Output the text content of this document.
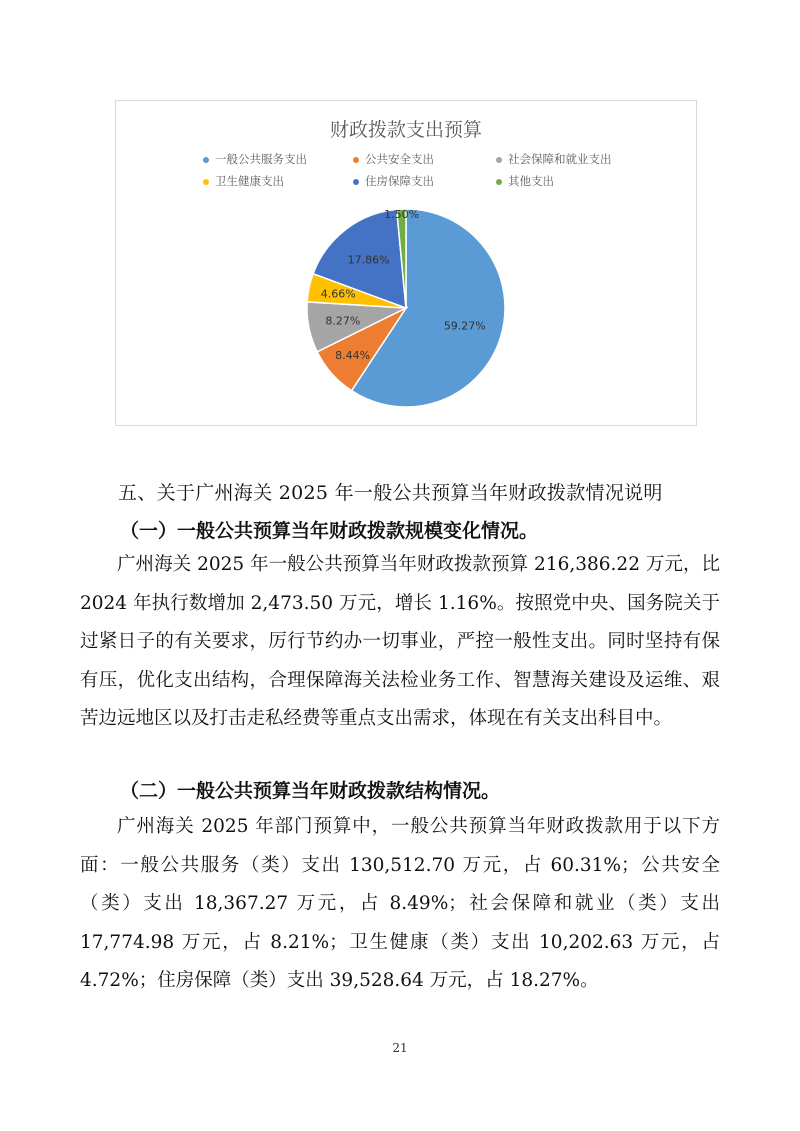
财政拨款支出预算
一般公共服务支出	公共安全支出	社会保障和就业支出
卫生健康支出	住房保障支出	其他支出
59.27%
8.44%
8.27%
4.66%
17.86%
1.50%
五、关于广州海关 2025 年一般公共预算当年财政拨款情况说明
（一）一般公共预算当年财政拨款规模变化情况。
广州海关 2025 年一般公共预算当年财政拨款预算 216,386.22 万元，比 2024 年执行数增加 2,473.50 万元，增长 1.16%。按照党中央、国务院关于过紧日子的有关要求，厉行节约办一切事业，严控一般性支出。同时坚持有保有压，优化支出结构，合理保障海关法检业务工作、智慧海关建设及运维、艰苦边远地区以及打击走私经费等重点支出需求，体现在有关支出科目中。
（二）一般公共预算当年财政拨款结构情况。
广州海关 2025 年部门预算中，一般公共预算当年财政拨款用于以下方面：一般公共服务（类）支出 130,512.70 万元，占 60.31%；公共安全（类）支出 18,367.27 万元，占 8.49%；社会保障和就业（类）支出 17,774.98 万元，占 8.21%；卫生健康（类）支出 10,202.63 万元，占 4.72%；住房保障（类）支出 39,528.64 万元，占 18.27%。
21
